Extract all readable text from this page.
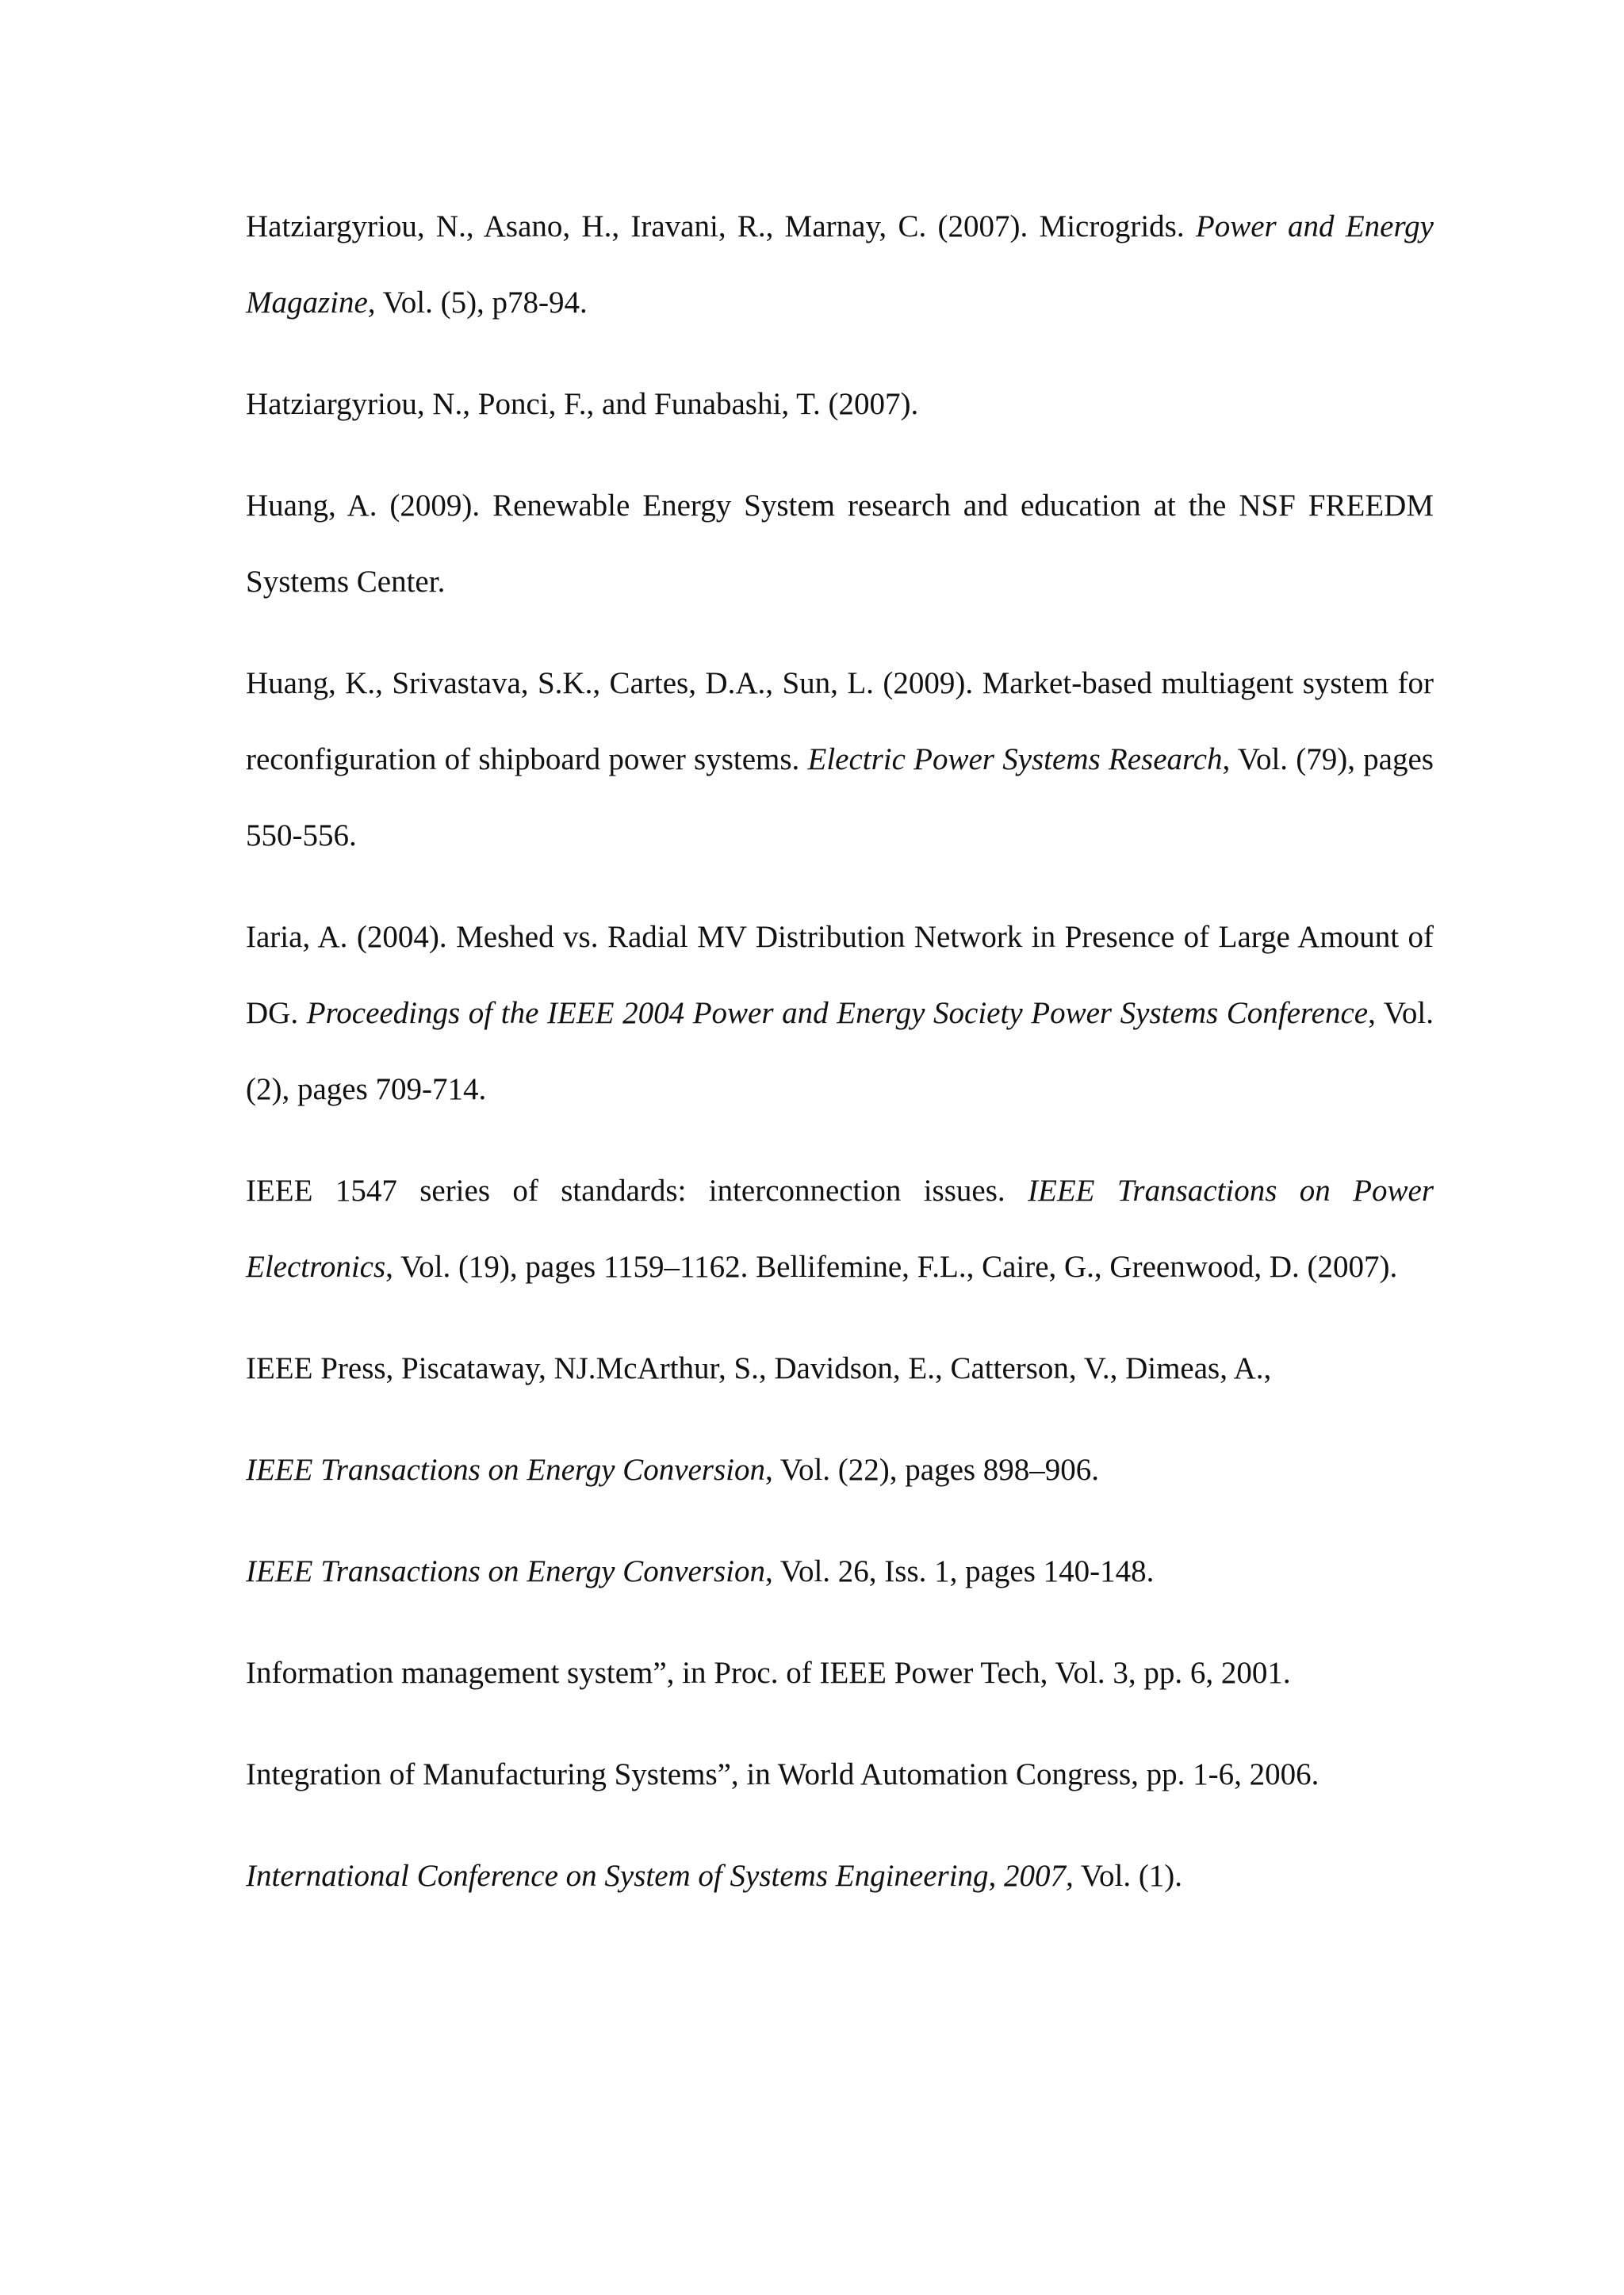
Hatziargyriou, N., Asano, H., Iravani, R., Marnay, C. (2007). Microgrids. Power and Energy Magazine, Vol. (5), p78-94.

Hatziargyriou, N., Ponci, F., and Funabashi, T. (2007).

Huang, A. (2009). Renewable Energy System research and education at the NSF FREEDM Systems Center.

Huang, K., Srivastava, S.K., Cartes, D.A., Sun, L. (2009). Market-based multiagent system for reconfiguration of shipboard power systems. Electric Power Systems Research, Vol. (79), pages 550-556.

Iaria, A. (2004). Meshed vs. Radial MV Distribution Network in Presence of Large Amount of DG. Proceedings of the IEEE 2004 Power and Energy Society Power Systems Conference, Vol. (2), pages 709-714.

IEEE 1547 series of standards: interconnection issues. IEEE Transactions on Power Electronics, Vol. (19), pages 1159–1162. Bellifemine, F.L., Caire, G., Greenwood, D. (2007).

IEEE Press, Piscataway, NJ.McArthur, S., Davidson, E., Catterson, V., Dimeas, A.,

IEEE Transactions on Energy Conversion, Vol. (22), pages 898–906.

IEEE Transactions on Energy Conversion, Vol. 26, Iss. 1, pages 140-148.

Information management system”, in Proc. of IEEE Power Tech, Vol. 3, pp. 6, 2001.

Integration of Manufacturing Systems”, in World Automation Congress, pp. 1-6, 2006.

International Conference on System of Systems Engineering, 2007, Vol. (1).
